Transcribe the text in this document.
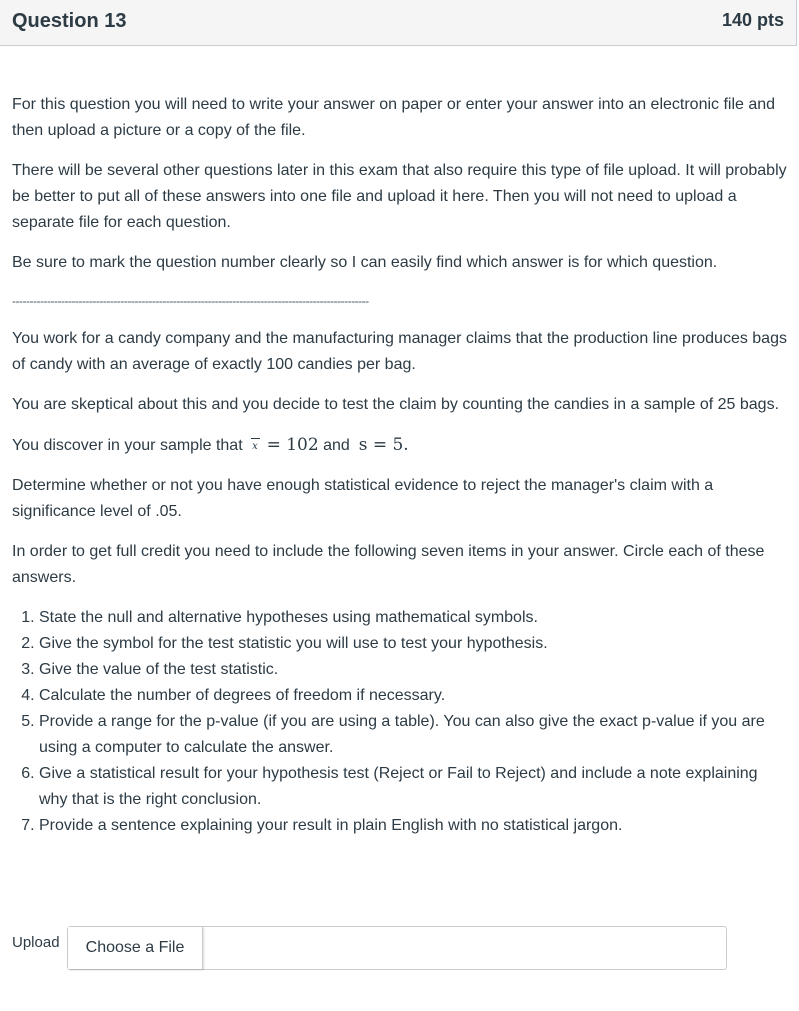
Question 13	140 pts

For this question you will need to write your answer on paper or enter your answer into an electronic file and then upload a picture or a copy of the file.

There will be several other questions later in this exam that also require this type of file upload. It will probably be better to put all of these answers into one file and upload it here. Then you will not need to upload a separate file for each question.

Be sure to mark the question number clearly so I can easily find which answer is for which question.

------------------------------------------------------------------------------------------------------

You work for a candy company and the manufacturing manager claims that the production line produces bags of candy with an average of exactly 100 candies per bag.

You are skeptical about this and you decide to test the claim by counting the candies in a sample of 25 bags.

You discover in your sample that x = 102 and s = 5.

Determine whether or not you have enough statistical evidence to reject the manager's claim with a significance level of .05.

In order to get full credit you need to include the following seven items in your answer. Circle each of these answers.

1. State the null and alternative hypotheses using mathematical symbols.
2. Give the symbol for the test statistic you will use to test your hypothesis.
3. Give the value of the test statistic.
4. Calculate the number of degrees of freedom if necessary.
5. Provide a range for the p-value (if you are using a table). You can also give the exact p-value if you are using a computer to calculate the answer.
6. Give a statistical result for your hypothesis test (Reject or Fail to Reject) and include a note explaining why that is the right conclusion.
7. Provide a sentence explaining your result in plain English with no statistical jargon.
Upload	Choose a File
